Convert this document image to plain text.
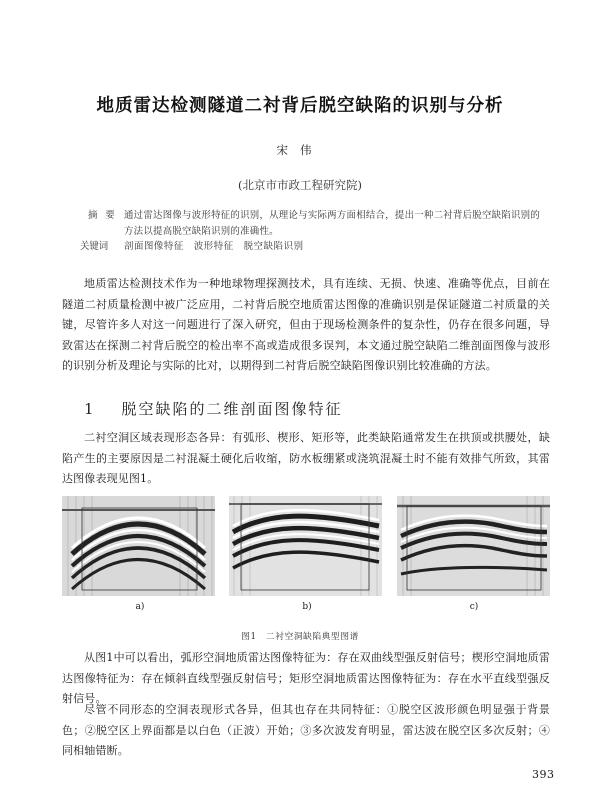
地质雷达检测隧道二衬背后脱空缺陷的识别与分析
宋伟
(北京市市政工程研究院)
摘要 通过雷达图像与波形特征的识别，从理论与实际两方面相结合，提出一种二衬背后脱空缺陷识别的方法以提高脱空缺陷识别的准确性。
关键词 剖面图像特征　波形特征　脱空缺陷识别
地质雷达检测技术作为一种地球物理探测技术，具有连续、无损、快速、准确等优点，目前在隧道二衬质量检测中被广泛应用，二衬背后脱空地质雷达图像的准确识别是保证隧道二衬质量的关键，尽管许多人对这一问题进行了深入研究，但由于现场检测条件的复杂性，仍存在很多问题，导致雷达在探测二衬背后脱空的检出率不高或造成很多误判，本文通过脱空缺陷二维剖面图像与波形的识别分析及理论与实际的比对，以期得到二衬背后脱空缺陷图像识别比较准确的方法。
1 脱空缺陷的二维剖面图像特征
二衬空洞区域表现形态各异：有弧形、楔形、矩形等，此类缺陷通常发生在拱顶或拱腰处，缺陷产生的主要原因是二衬混凝土硬化后收缩，防水板绷紧或浇筑混凝土时不能有效排气所致，其雷达图像表现见图1。
a)	b)	c)
图1　二衬空洞缺陷典型图谱
从图1中可以看出，弧形空洞地质雷达图像特征为：存在双曲线型强反射信号；楔形空洞地质雷达图像特征为：存在倾斜直线型强反射信号；矩形空洞地质雷达图像特征为：存在水平直线型强反射信号。
尽管不同形态的空洞表现形式各异，但其也存在共同特征：①脱空区波形颜色明显强于背景色；②脱空区上界面都是以白色（正波）开始；③多次波发育明显，雷达波在脱空区多次反射；④同相轴错断。
393
